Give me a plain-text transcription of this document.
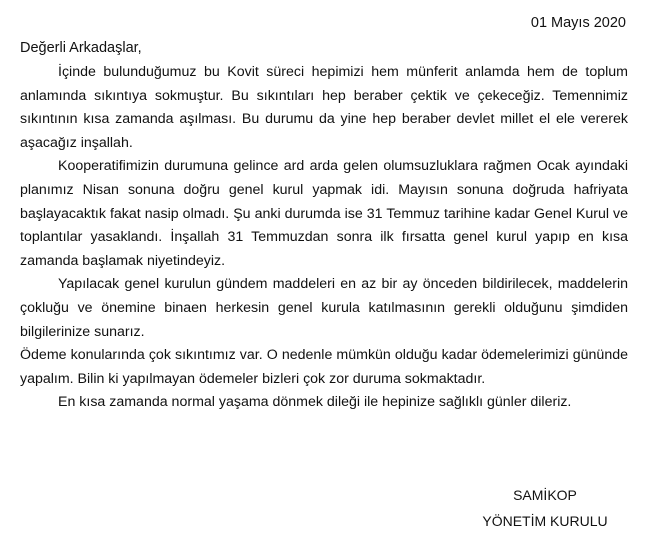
01 Mayıs 2020
Değerli Arkadaşlar,

İçinde bulunduğumuz bu Kovit süreci hepimizi hem münferit anlamda hem de toplum anlamında sıkıntıya sokmuştur. Bu sıkıntıları hep beraber çektik ve çekeceğiz. Temennimiz sıkıntının kısa zamanda aşılması. Bu durumu da yine hep beraber devlet millet el ele vererek aşacağız inşallah.

Kooperatifimizin durumuna gelince ard arda gelen olumsuzluklara rağmen Ocak ayındaki planımız Nisan sonuna doğru genel kurul yapmak idi. Mayısın sonuna doğruda hafriyata başlayacaktık fakat nasip olmadı. Şu anki durumda ise 31 Temmuz tarihine kadar Genel Kurul ve toplantılar yasaklandı. İnşallah 31 Temmuzdan sonra ilk fırsatta genel kurul yapıp en kısa zamanda başlamak niyetindeyiz.

Yapılacak genel kurulun gündem maddeleri en az bir ay önceden bildirilecek, maddelerin çokluğu ve önemine binaen herkesin genel kurula katılmasının gerekli olduğunu şimdiden bilgilerinize sunarız.

Ödeme konularında çok sıkıntımız var. O nedenle mümkün olduğu kadar ödemelerimizi gününde yapalım. Bilin ki yapılmayan ödemeler bizleri çok zor duruma sokmaktadır.

En kısa zamanda normal yaşama dönmek dileği ile hepinize sağlıklı günler dileriz.

SAMİKOP
YÖNETİM KURULU
